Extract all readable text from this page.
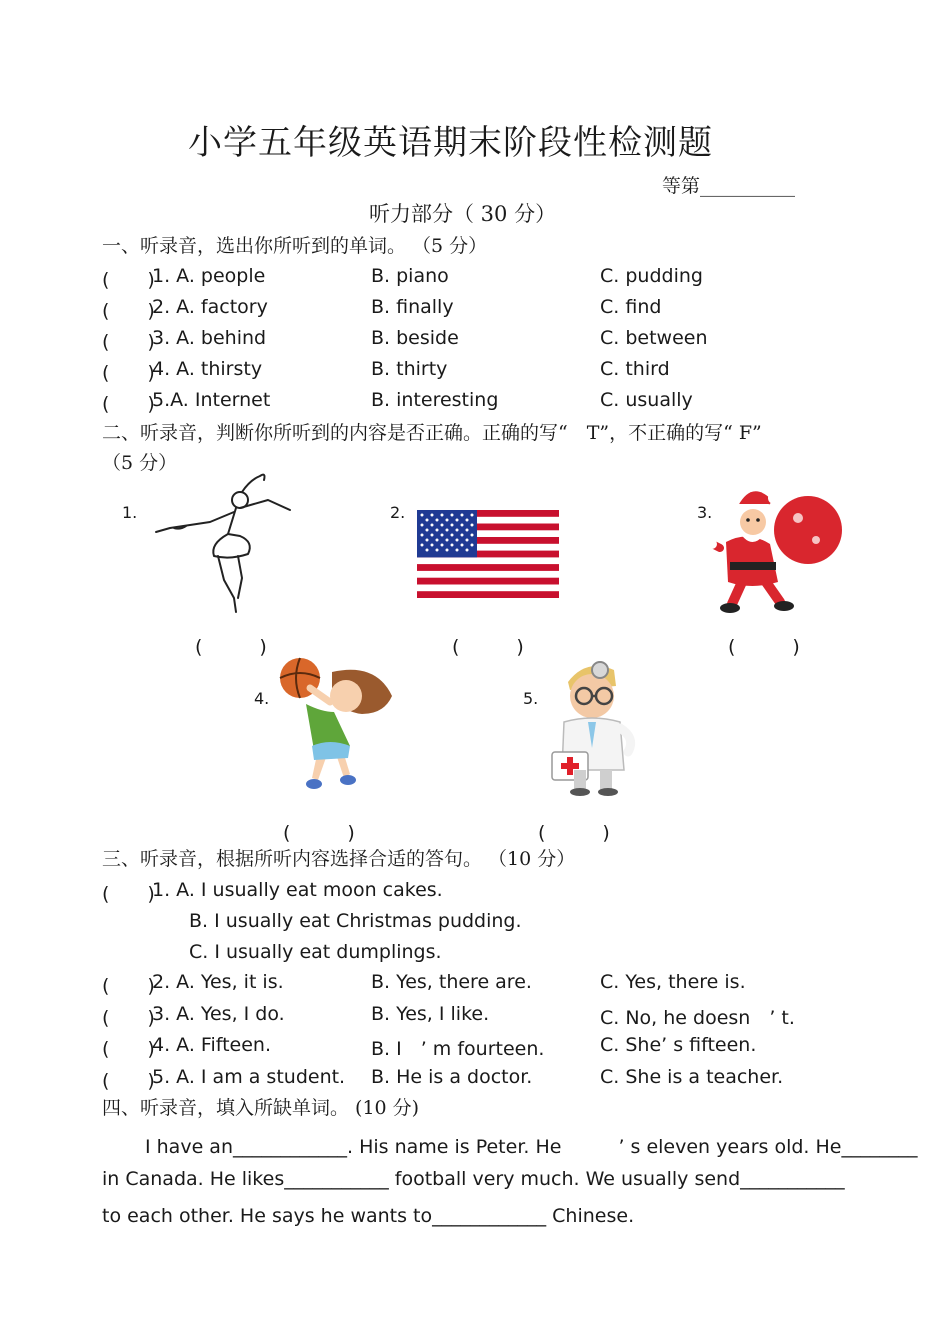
小学五年级英语期末阶段性检测题
等第__________
听力部分（ 30 分）
一、听录音，选出你所听到的单词。 （5 分）
(　　)
1. A. people	B. piano	C. pudding
(　　)
2. A. factory	B. finally	C. find
(　　)
3. A. behind	B. beside	C. between
(　　)
4. A. thirsty	B. thirty	C. third
(　　)
5.A. Internet	B. interesting	C. usually
二、听录音，判断你所听到的内容是否正确。正确的写“　T”，不正确的写“ F”
（5 分）
1.
(　　　)
2.
(　　　)
3.
(　　　)
4.
(　　　)
5.
(　　　)
三、听录音，根据所听内容选择合适的答句。 （10 分）
(　　)
1. A. I usually eat moon cakes.
B. I usually eat Christmas pudding.
C. I usually eat dumplings.
(　　)
2. A. Yes, it is.	B. Yes, there are.	C. Yes, there is.
(　　)
3. A. Yes, I do.	B. Yes, I like.	C. No, he doesn　’ t.
(　　)
4. A. Fifteen.	B. I　’ m fourteen.	C. She’ s fifteen.
(　　)
5. A. I am a student. B. He is a doctor.	C. She is a teacher.
四、听录音，填入所缺单词。 (10 分)
I have an____________. His name is Peter. He　　　’ s eleven years old. He________
in Canada. He likes___________ football very much. We usually send___________
to each other. He says he wants to____________ Chinese.
